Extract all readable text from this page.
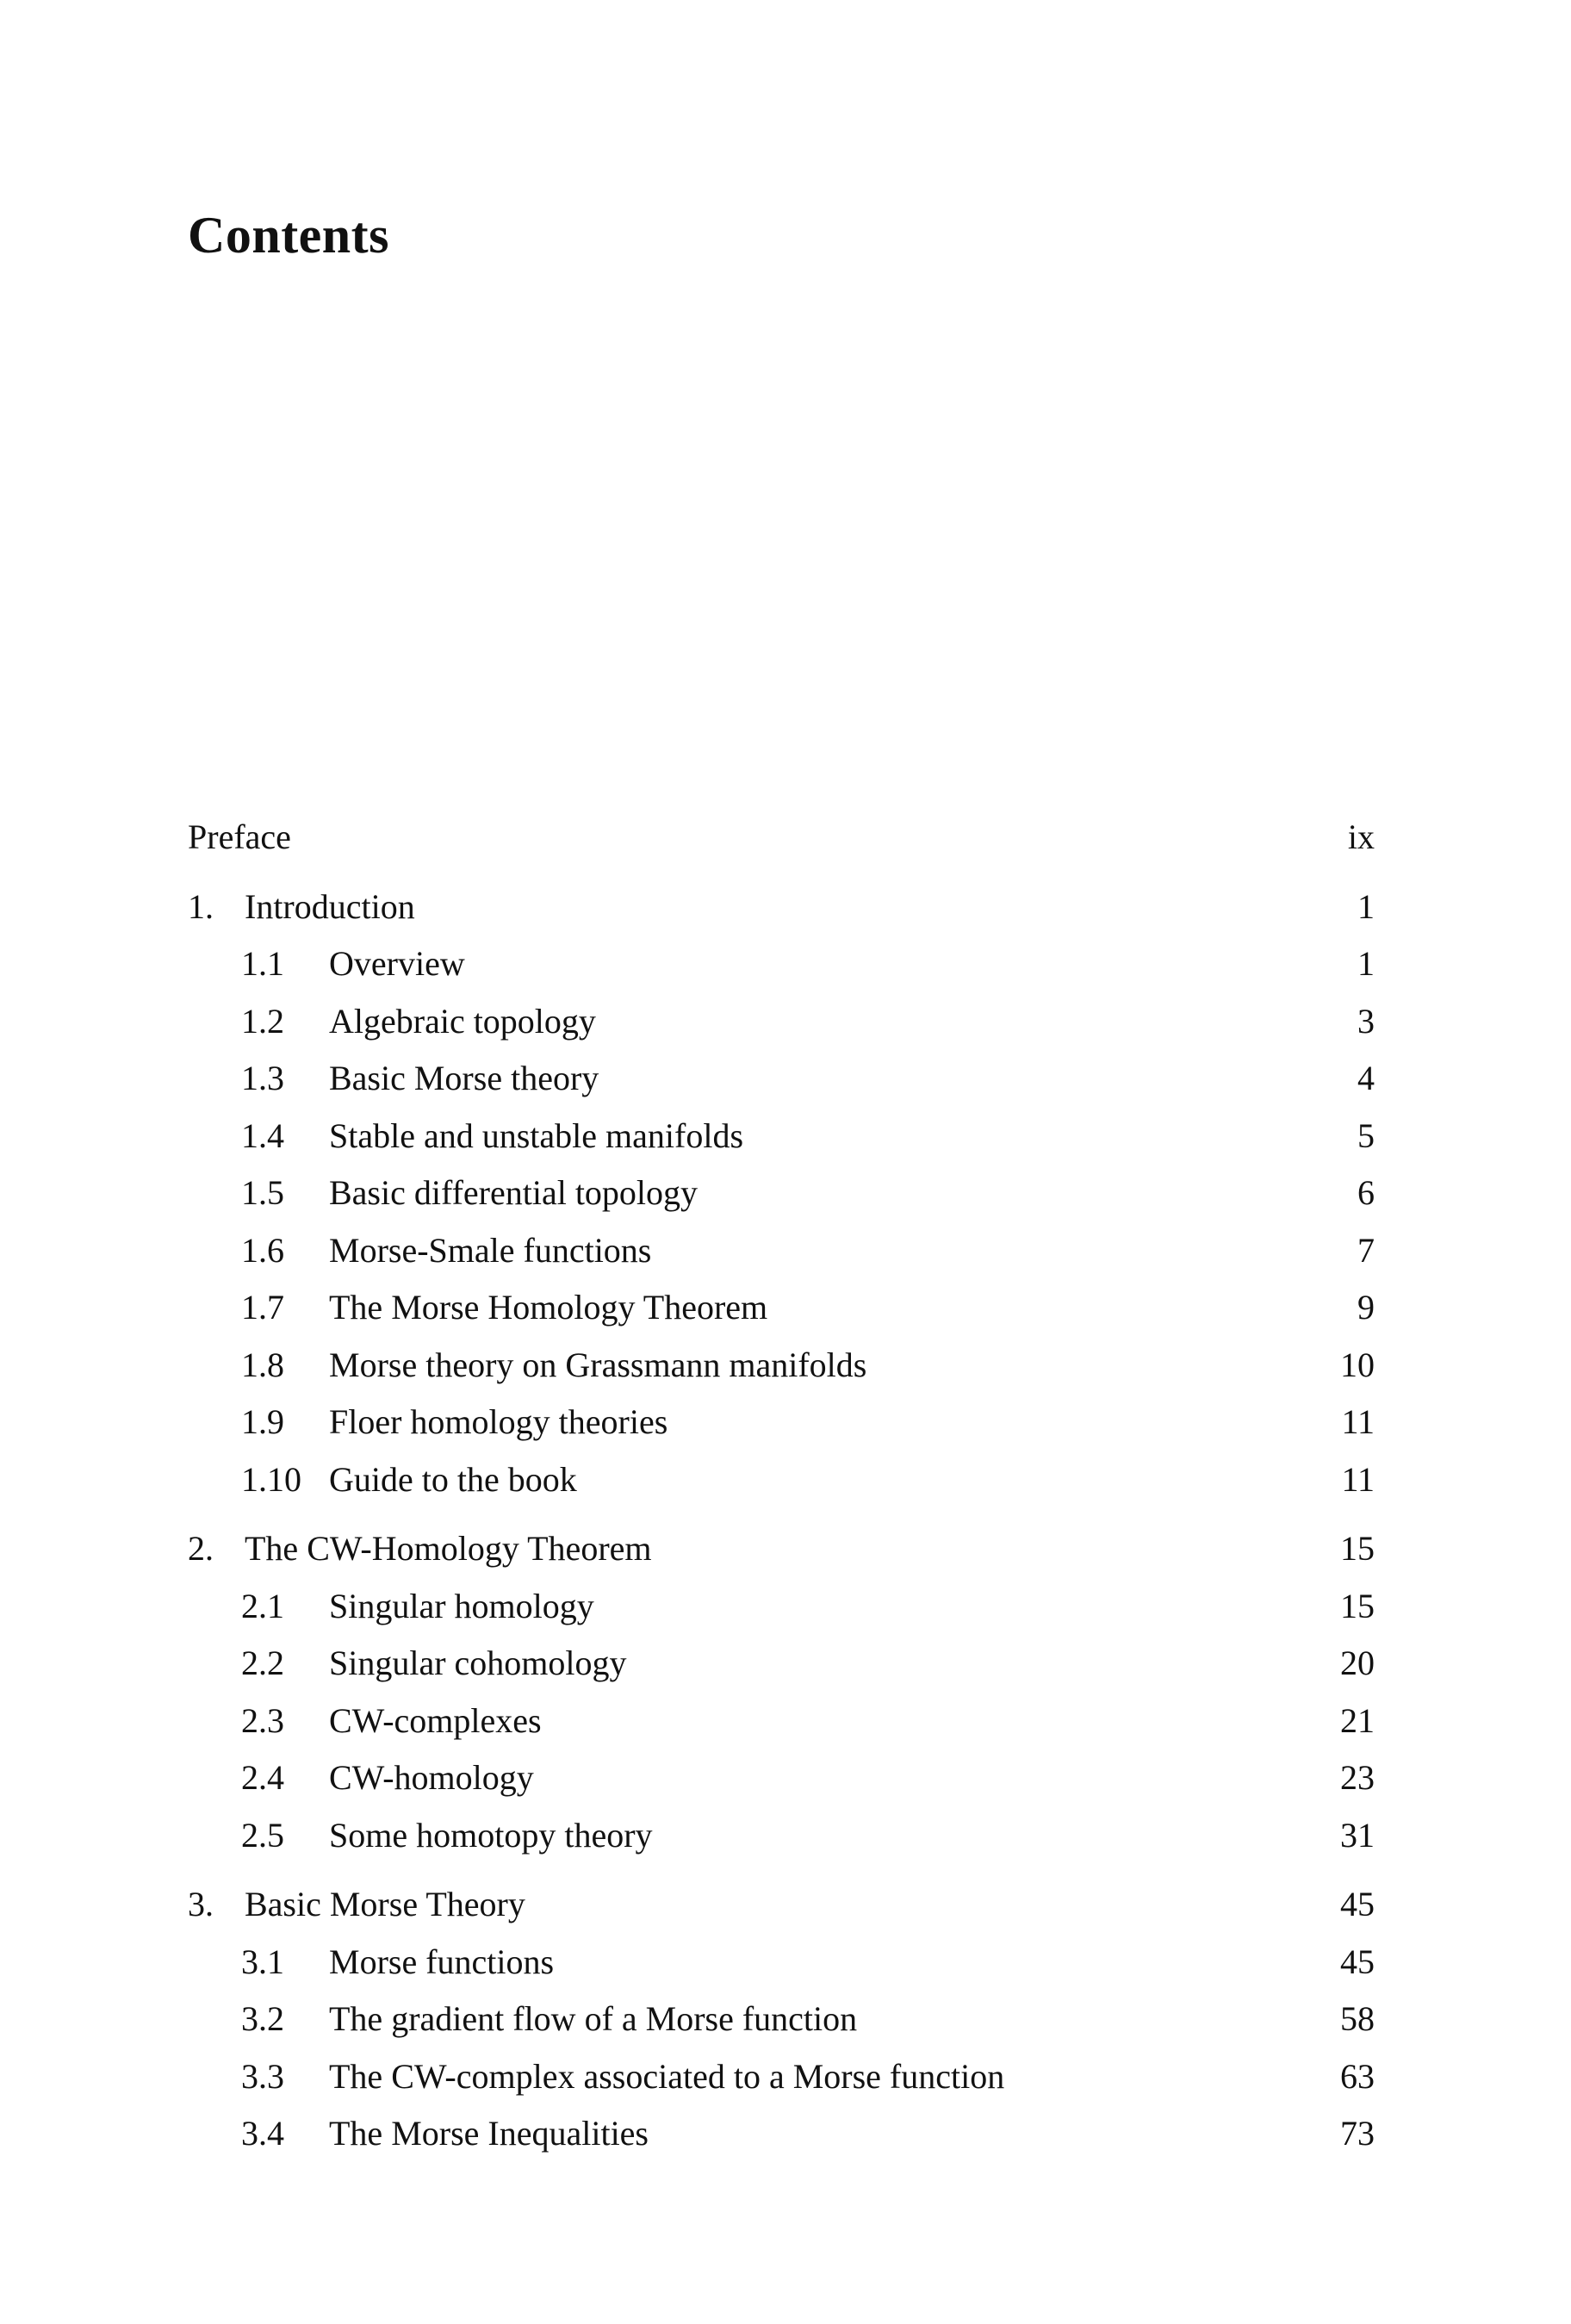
Contents
Preface	ix
1. Introduction	1
1.1 Overview	1
1.2 Algebraic topology	3
1.3 Basic Morse theory	4
1.4 Stable and unstable manifolds	5
1.5 Basic differential topology	6
1.6 Morse-Smale functions	7
1.7 The Morse Homology Theorem	9
1.8 Morse theory on Grassmann manifolds	10
1.9 Floer homology theories	11
1.10 Guide to the book	11
2. The CW-Homology Theorem	15
2.1 Singular homology	15
2.2 Singular cohomology	20
2.3 CW-complexes	21
2.4 CW-homology	23
2.5 Some homotopy theory	31
3. Basic Morse Theory	45
3.1 Morse functions	45
3.2 The gradient flow of a Morse function	58
3.3 The CW-complex associated to a Morse function	63
3.4 The Morse Inequalities	73
